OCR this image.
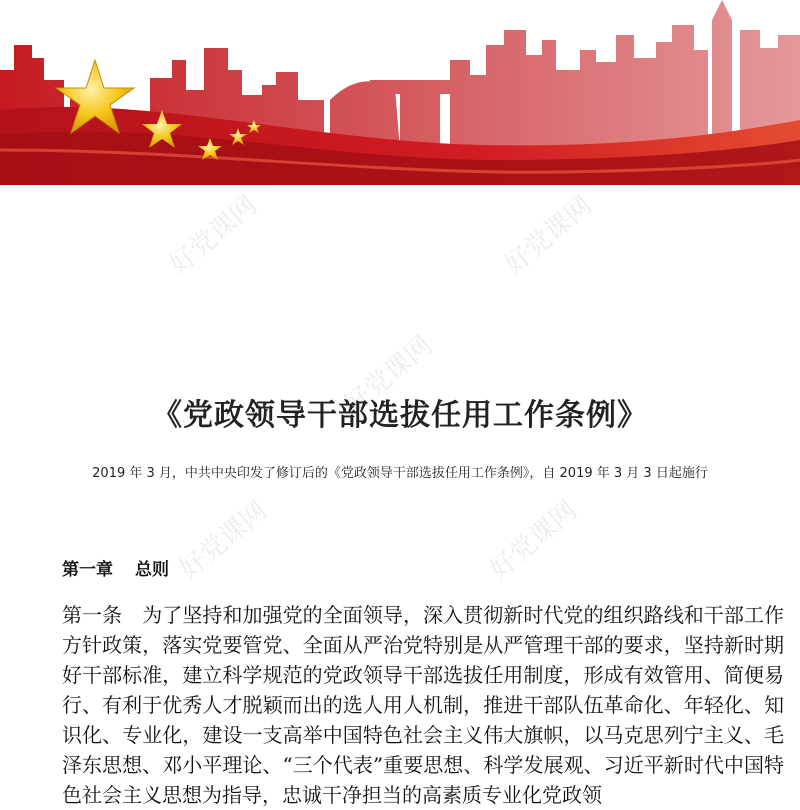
好党课网	好党课网
好党课网
好党课网
好党课网
《党政领导干部选拔任用工作条例》
2019 年 3 月，中共中央印发了修订后的《党政领导干部选拔任用工作条例》，自 2019 年 3 月 3 日起施行
第一章 总则
第一条　为了坚持和加强党的全面领导，深入贯彻新时代党的组织路线和干部工作方针政策，落实党要管党、全面从严治党特别是从严管理干部的要求，坚持新时期好干部标准，建立科学规范的党政领导干部选拔任用制度，形成有效管用、简便易行、有利于优秀人才脱颖而出的选人用人机制，推进干部队伍革命化、年轻化、知识化、专业化，建设一支高举中国特色社会主义伟大旗帜，以马克思列宁主义、毛泽东思想、邓小平理论、“三个代表”重要思想、科学发展观、习近平新时代中国特色社会主义思想为指导，忠诚干净担当的高素质专业化党政领
